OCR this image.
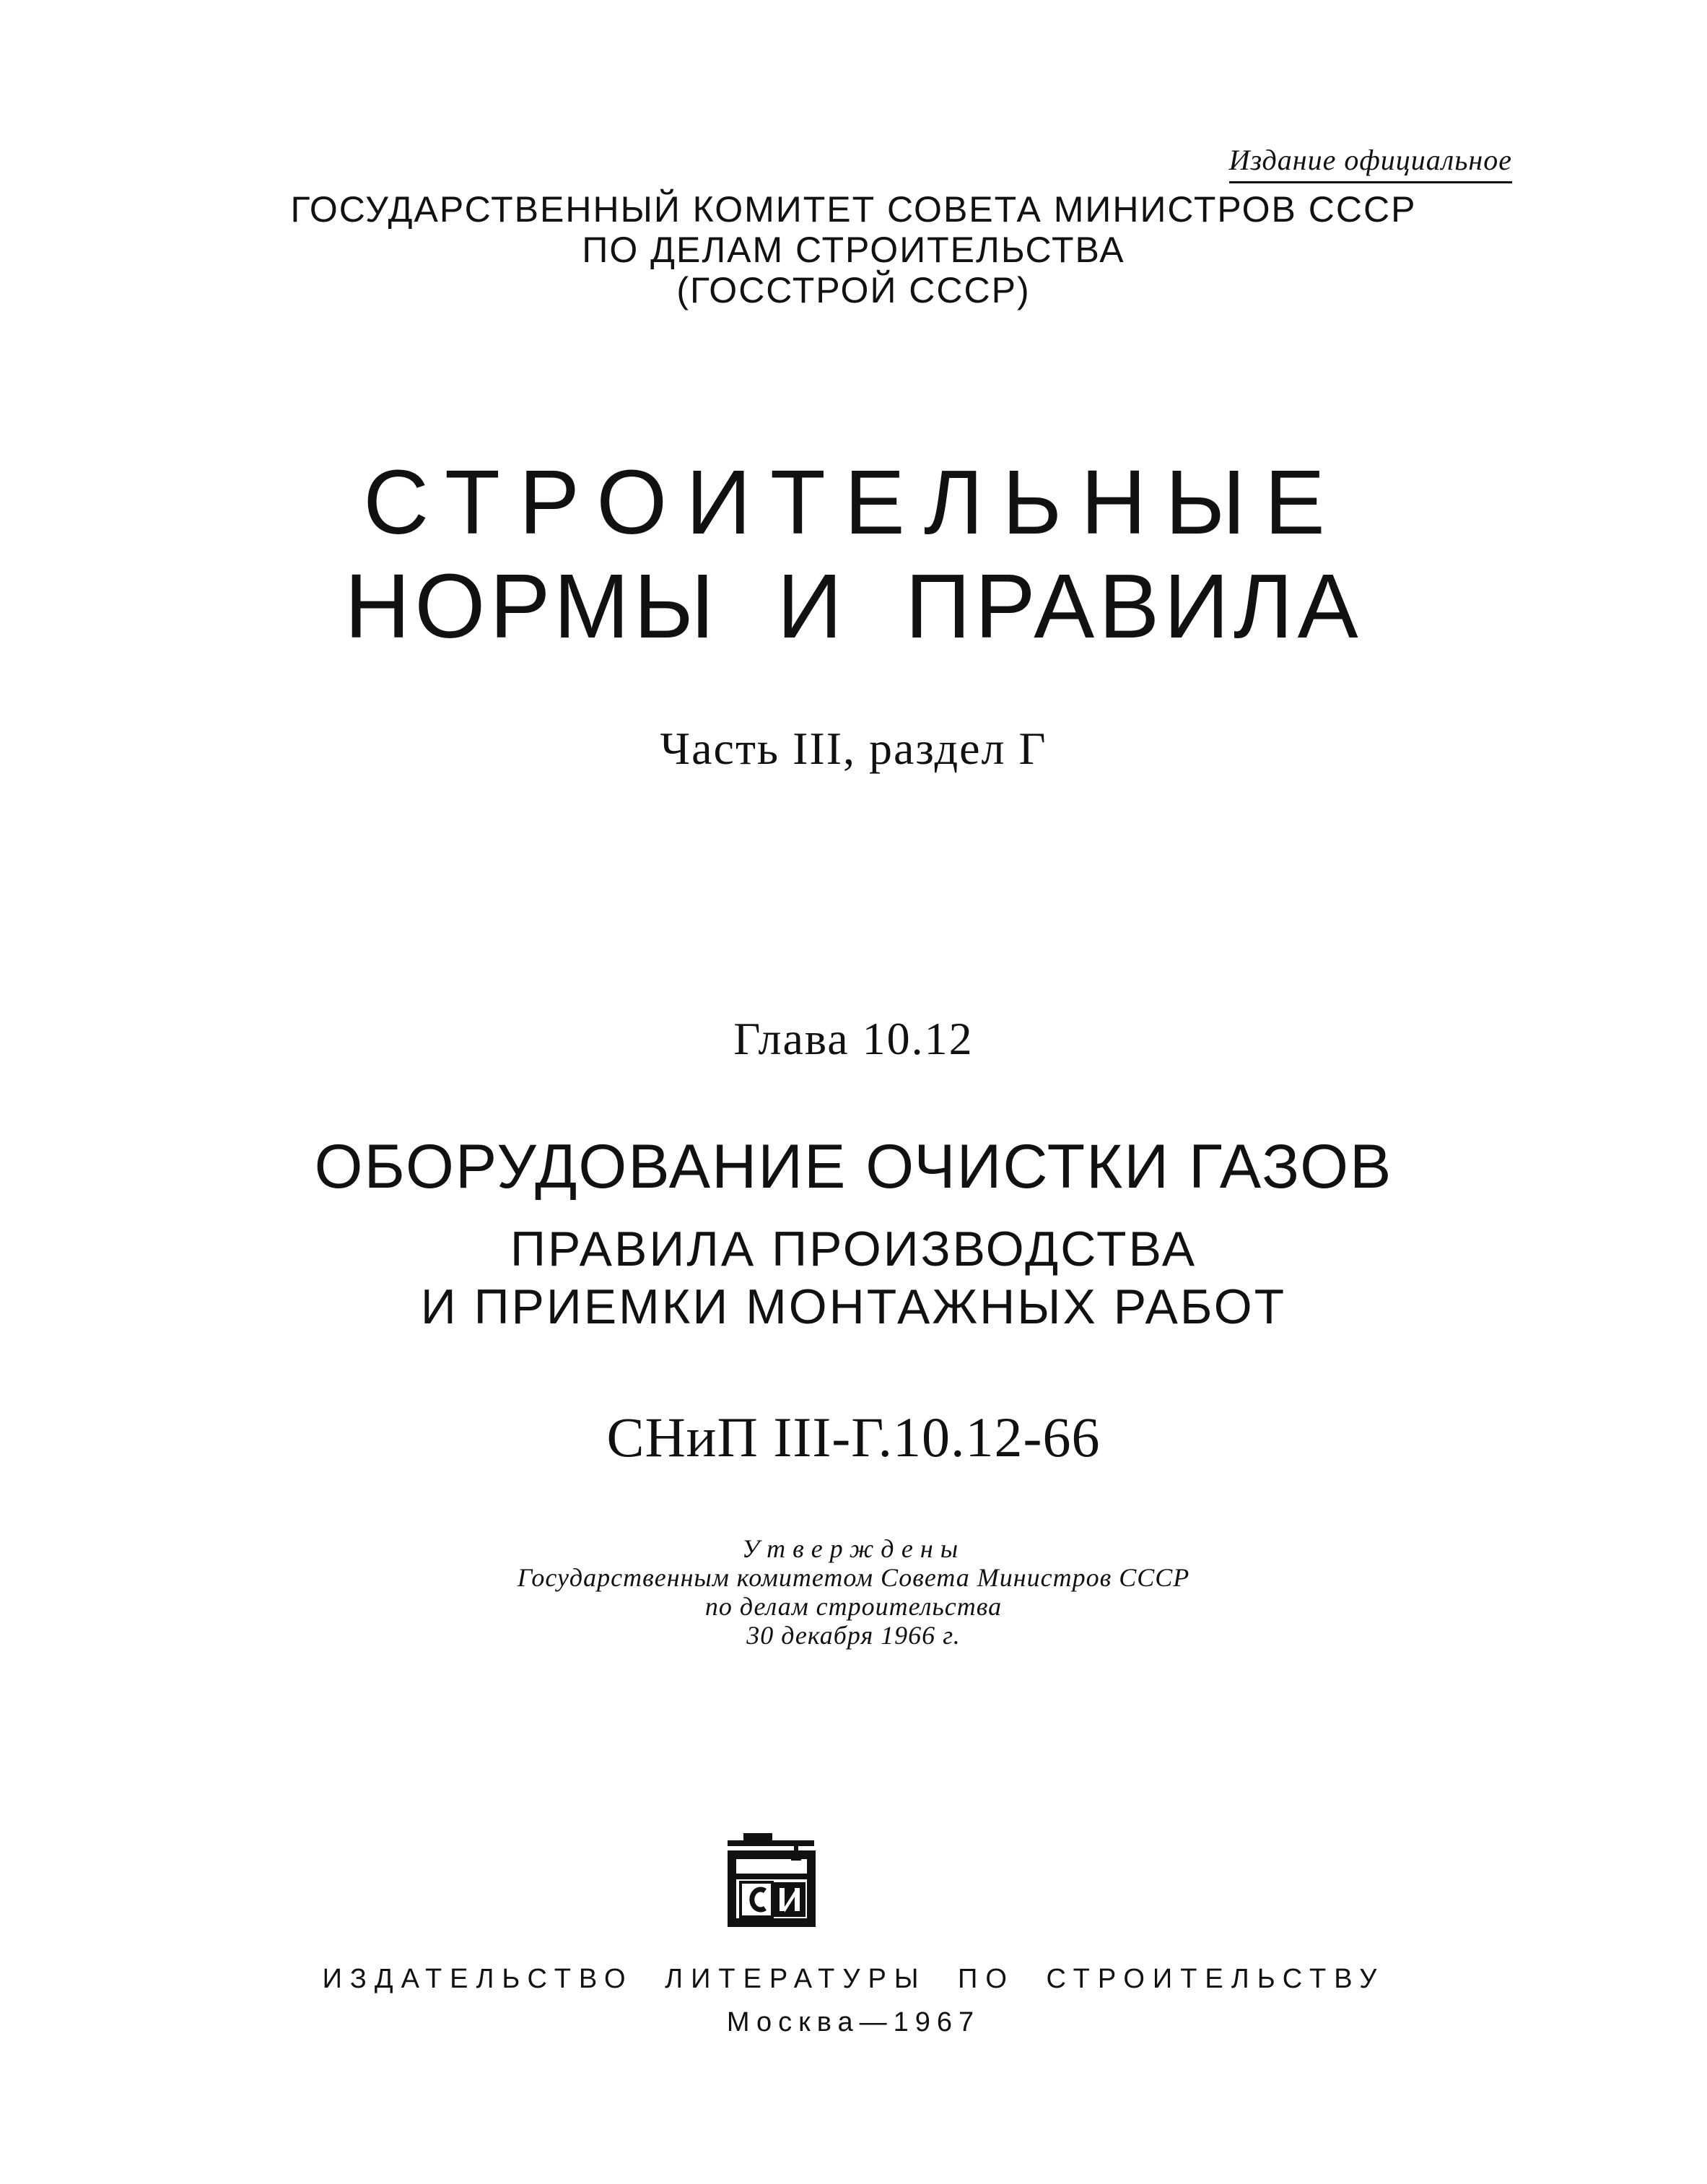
Издание официальное
ГОСУДАРСТВЕННЫЙ КОМИТЕТ СОВЕТА МИНИСТРОВ СССР
ПО ДЕЛАМ СТРОИТЕЛЬСТВА
(ГОССТРОЙ СССР)
СТРОИТЕЛЬНЫЕ
НОРМЫ И ПРАВИЛА
Часть III, раздел Г
Глава 10.12
ОБОРУДОВАНИЕ ОЧИСТКИ ГАЗОВ
ПРАВИЛА ПРОИЗВОДСТВА
И ПРИЕМКИ МОНТАЖНЫХ РАБОТ
СНиП III-Г.10.12-66
Утверждены
Государственным комитетом Совета Министров СССР
по делам строительства
30 декабря 1966 г.
ИЗДАТЕЛЬСТВО ЛИТЕРАТУРЫ ПО СТРОИТЕЛЬСТВУ
Москва—1967
